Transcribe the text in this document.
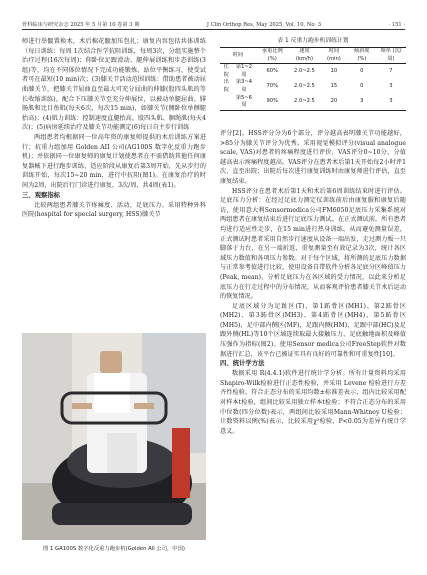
骨科临床与研究杂志 2025 年 5 月第 10 卷第 3 期	J Clin Orthop Res, May 2025, Vol. 10, No. 3	· 151 ·

师进行举髋置换术，术后棉花髋加压包扎；康复内容包括共体训练（每日训练：每周 1次结合医学抗阻训练，每周3次，分组实施整个治疗过程(16次每周)；仰卧位足跟滑动、腿伸展训练和步态训练(3组)等，均在不同体位情况下完成功能锻炼、站位平衡练习，使受试者可在最短(10 min)次；(3)膝关节活动范围训练：借助患者被动屈曲膝关节，把膝关节屈曲直至最大可充分屈曲的伸膝(股四头肌的等长收缩训练)，配合下压膝关节至充分伸展位，以被动单腿屈曲、腓肠肌和比目鱼肌(每天6次，每次15 min)，如膝关节(侧卧位单侧腿抬高)；(4)肌力训练：控制速度直腿抬高，股四头肌、腘绳肌(每天4次)；(5)病房延续治疗及膝关节功能测定(6)每日自主步行训练

两组患者均根据同一位高年资的康复师提供的术后训练方案进行；抗重力组加用 Golden AII 公司(AG100S 数字化反重力跑步机)；并依据同一位康复师的康复计划使患者在不需借助其他任何康复器械下进行跑步训练，适应阶段从康复后第3周开始，先从步行的训练开始，每次15~20 min，进行中抗阻(图1)。在康复治疗的时间为2周，出院后行门诊进行康复，3次/周，共4周(表1)。

三、观察指标

比较两组患者膝关节疼痛度、活动、足底压力。采用特种外科医院(hospital for special surgery, HSS)膝关节

表 1 反重力跑步机训练计划
时间		承重比例 (%)	速度 (km/h)	时间 (min)	倾斜度 (%)	频率 (次/周)

住院	第1~2周	60%	2.0~2.5	10	0	7
出院	第3~4周	70%	2.0~2.5	15	0	3
	第5~6周	90%	2.0~2.5	20	3	3

评分[2]。HSS评分分为6个部分，评分越高表明膝关节功能越好，>85分为膝关节评分为优秀。采用视觉模拟评分(visual analogue scale, VAS)对患者的疼痛程度进行评价，VAS评分0~10分，分值越高表示疼痛程度越高。VAS评分在患者术后第1天开始每2小时评1次，直至出院；出院后每次进行康复训练时由康复师进行评估，直至康复结束。

HSS评分在患者术后第1天和术后第6周训练结束时进行评估。足底压力分析：在经过足底力测定仪训练前后由康复服和康复后随访，使用意大利Sensormedica公司FM6050足底压力采集系统对两组患者在康复结束后进行足底压力测试。在正式测试前，所有患者均进行适应性走步，在15 min进行热身训练，从而避免测量误差，正式测试时患者采用自然步行速度从设备一端出发，走过测力板一只脚落于力台，在另一端折返，重复测量至有效记录为3次，统计各区域压力数值和各项压力参数。对于每个区域，将所测的足底压力数据与正常参考值进行比较，使用设备自带软件分析各足底分区峰值压力(Peak, mean)，分析足底压力在各区域的受力情况，以此来分析足底压力在行走过程中的分布情况，从而客观评价患者膝关节术后运动的恢复情况。

足底区域分为足趾区(T)、第1跖骨区(MH1)、第2跖骨区(MH2)、第3跖骨区(MH3)、第4跖骨区(MH4)、第5跖骨区(MH5)，足中部内侧区(MF)，足跟内侧(HM)，足跟中部(HC)及足跟外侧(HL)等10个区域连续取最大接触压力、足底触地面积及峰值压强作为指标(图2)。使用Sensor medica公司FreeStep软件对数据进行汇总，该平台已被证实具有良好的可靠性和可重复性[10]。

四、统计学方法

数据采用 R(4.4.1)软件进行统计学分析。所有计量资料均采用Shapiro-Wilk检验进行正态性检验，并采用 Levene 检验进行方差齐性检验。符合正态分布的采用均数±标准差表示，组内比较采用配对样本t检验，组间比较采用独立样本t检验；不符合正态分布的采用中位数(四分位数)表示，两组间比较采用Mann-Whitney U检验；计数资料以例(%)表示，比较采用χ²检验，P<0.05为差异有统计学意义。

图 1 GA100S 数字化反重力跑步机(Golden All 公司，中国)
